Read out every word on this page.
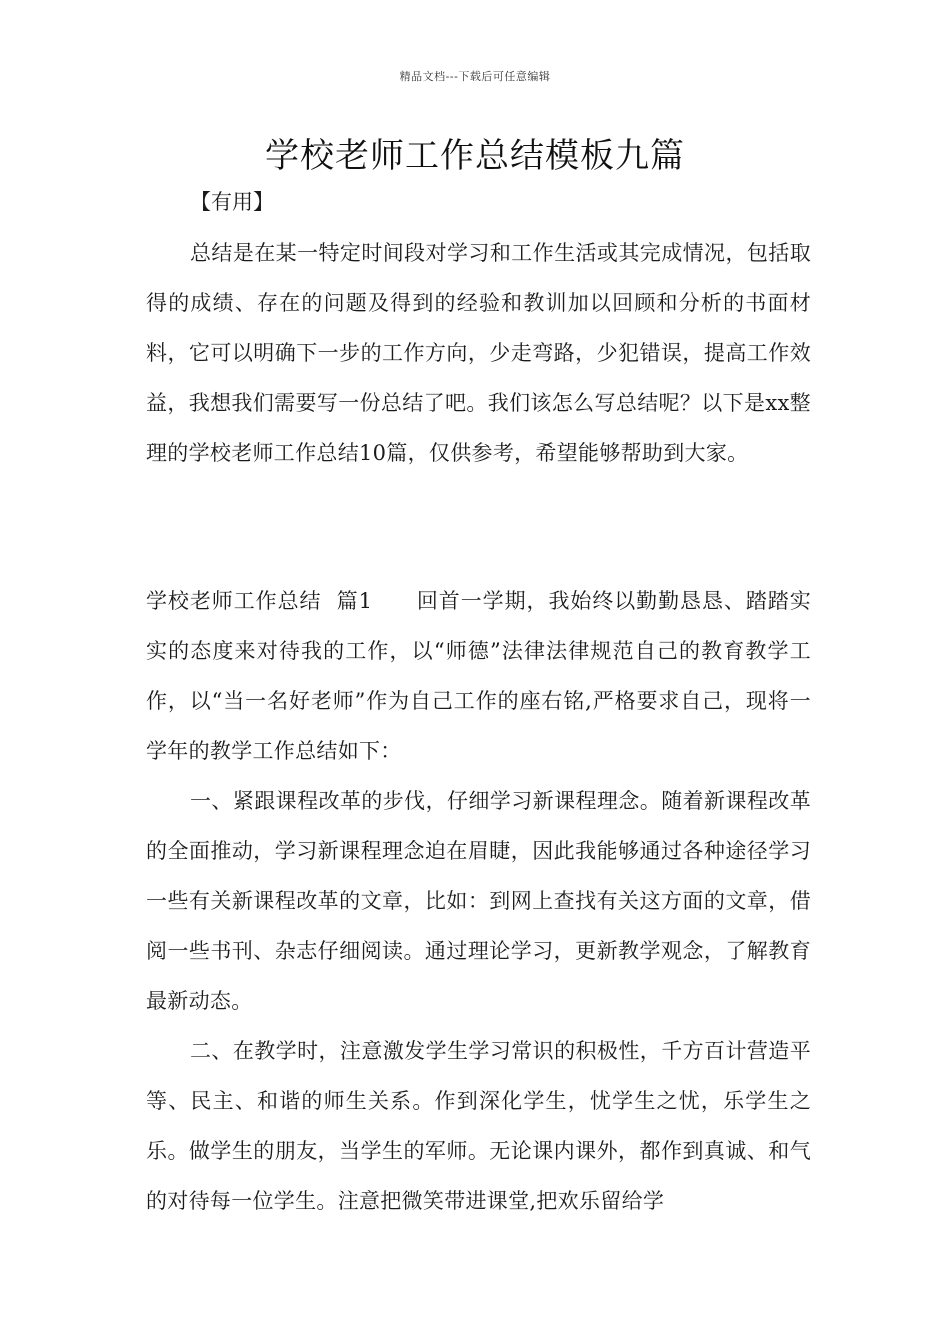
精品文档---下载后可任意编辑
学校老师工作总结模板九篇
【有用】

总结是在某一特定时间段对学习和工作生活或其完成情况，包括取得的成绩、存在的问题及得到的经验和教训加以回顾和分析的书面材料，它可以明确下一步的工作方向，少走弯路，少犯错误，提高工作效益，我想我们需要写一份总结了吧。我们该怎么写总结呢？以下是xx整理的学校老师工作总结10篇，仅供参考，希望能够帮助到大家。

学校老师工作总结  篇1 回首一学期，我始终以勤勤恳恳、踏踏实实的态度来对待我的工作，以“师德”法律法律规范自己的教育教学工作，以“当一名好老师”作为自己工作的座右铭,严格要求自己，现将一学年的教学工作总结如下：

一、紧跟课程改革的步伐，仔细学习新课程理念。随着新课程改革的全面推动，学习新课程理念迫在眉睫，因此我能够通过各种途径学习一些有关新课程改革的文章，比如：到网上查找有关这方面的文章，借阅一些书刊、杂志仔细阅读。通过理论学习，更新教学观念，了解教育最新动态。

二、在教学时，注意激发学生学习常识的积极性，千方百计营造平等、民主、和谐的师生关系。作到深化学生，忧学生之忧，乐学生之乐。做学生的朋友，当学生的军师。无论课内课外，都作到真诚、和气的对待每一位学生。注意把微笑带进课堂,把欢乐留给学
